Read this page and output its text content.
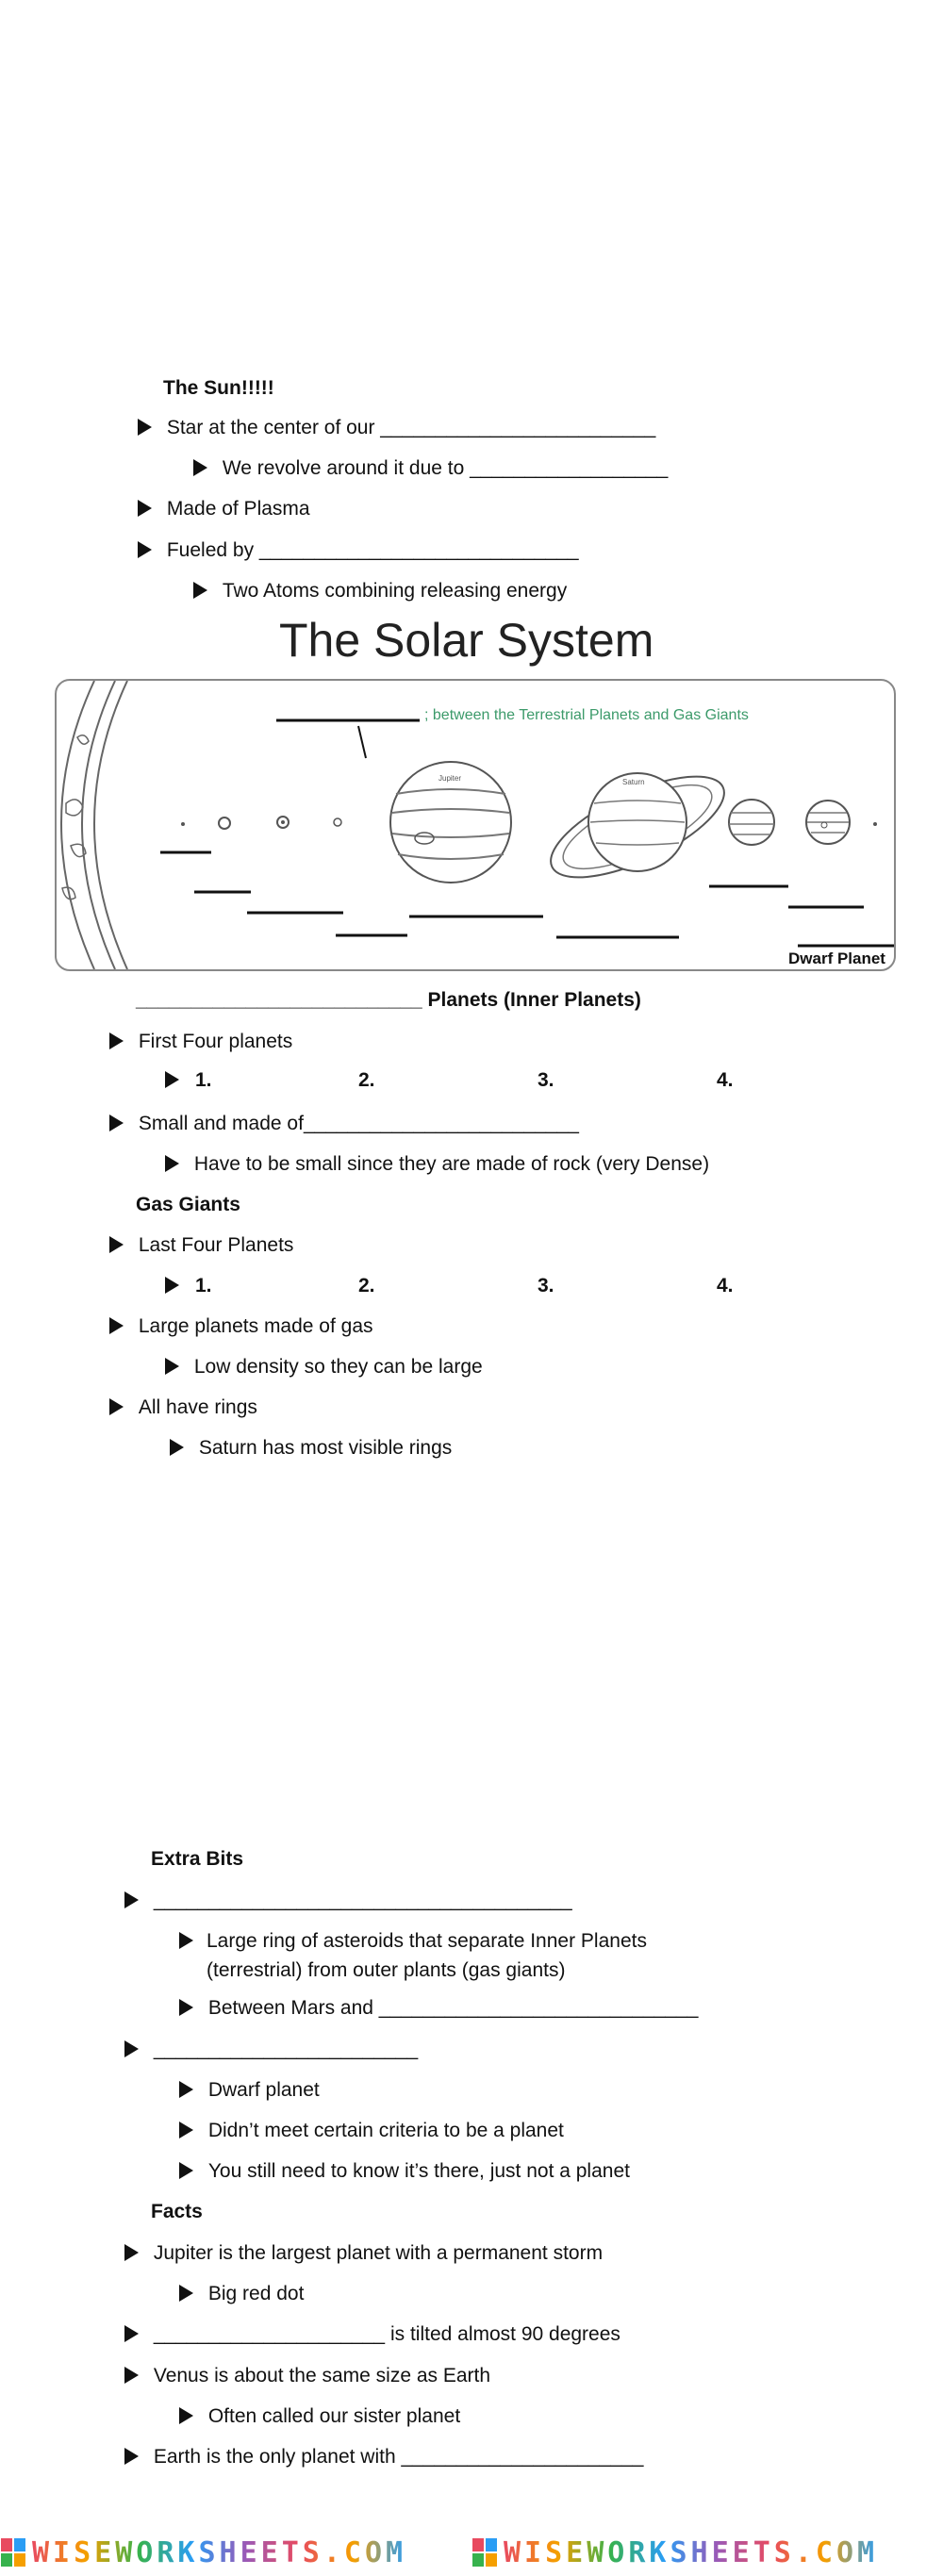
The Sun!!!!!
Star at the center of our _________________________
We revolve around it due to __________________
Made of Plasma
Fueled by _____________________________
Two Atoms combining releasing energy
The Solar System
; between the Terrestrial Planets and Gas Giants
Jupiter	Saturn
Dwarf Planet
__________________________ Planets (Inner Planets)
First Four planets
1.	2.	3.	4.
Small and made of_________________________
Have to be small since they are made of rock (very Dense)
Gas Giants
Last Four Planets
1.	2.	3.	4.
Large planets made of gas
Low density so they can be large
All have rings
Saturn has most visible rings
Extra Bits
______________________________________
Large ring of asteroids that separate Inner Planets (terrestrial) from outer plants (gas giants)
Between Mars and _____________________________
________________________
Dwarf planet
Didn’t meet certain criteria to be a planet
You still need to know it’s there, just not a planet
Facts
Jupiter is the largest planet with a permanent storm
Big red dot
_____________________ is tilted almost 90 degrees
Venus is about the same size as Earth
Often called our sister planet
Earth is the only planet with ______________________
WISEWORKSHEETS.COM	WISEWORKSHEETS.COM
